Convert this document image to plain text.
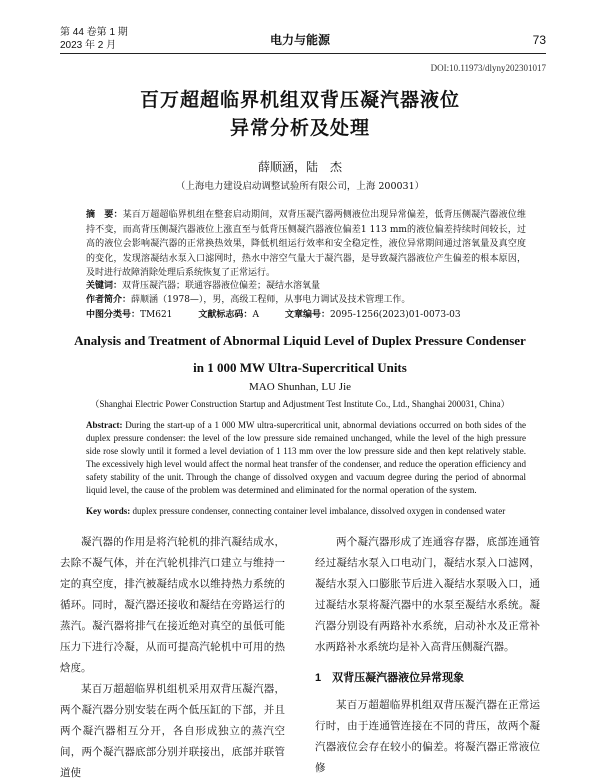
第 44 卷第 1 期
2023 年 2 月	电力与能源	73
DOI:10.11973/dlyny202301017
百万超超临界机组双背压凝汽器液位
异常分析及处理
薛顺涵，陆　杰
（上海电力建设启动调整试验所有限公司，上海 200031）
摘　要：某百万超超临界机组在整套启动期间，双背压凝汽器两侧液位出现异常偏差，低背压侧凝汽器液位维持不变，而高背压侧凝汽器液位上涨直至与低背压侧凝汽器液位偏差1 113 mm的液位偏差持续时间较长，过高的液位会影响凝汽器的正常换热效果，降低机组运行效率和安全稳定性，液位异常期间通过溶氧量及真空度的变化，发现溶凝结水泵入口滤网时，热水中溶空气量大于凝汽器，是导致凝汽器液位产生偏差的根本原因，及时进行故障消除处理后系统恢复了正常运行。
关键词：双背压凝汽器；联通容器液位偏差；凝结水溶氧量
作者简介：薛顺涵（1978—），男，高级工程师，从事电力调试及技术管理工作。
中图分类号：TM621	文献标志码：A	文章编号：2095-1256(2023)01-0073-03
Analysis and Treatment of Abnormal Liquid Level of Duplex Pressure Condenser
in 1 000 MW Ultra-Supercritical Units
MAO Shunhan, LU Jie
（Shanghai Electric Power Construction Startup and Adjustment Test Institute Co., Ltd., Shanghai 200031, China）
Abstract: During the start-up of a 1 000 MW ultra-supercritical unit, abnormal deviations occurred on both sides of the duplex pressure condenser: the level of the low pressure side remained unchanged, while the level of the high pressure side rose slowly until it formed a level deviation of 1 113 mm over the low pressure side and then kept relatively stable. The excessively high level would affect the normal heat transfer of the condenser, and reduce the operation efficiency and safety stability of the unit. Through the change of dissolved oxygen and vacuum degree during the period of abnormal liquid level, the cause of the problem was determined and eliminated for the normal operation of the system.
Key words: duplex pressure condenser, connecting container level imbalance, dissolved oxygen in condensed water

凝汽器的作用是将汽轮机的排汽凝结成水，去除不凝气体，并在汽轮机排汽口建立与维持一定的真空度，排汽被凝结成水以维持热力系统的循环。同时，凝汽器还接收和凝结在旁路运行的蒸汽。凝汽器将排气在接近绝对真空的虽低可能压力下进行冷凝，从而可提高汽轮机中可用的热焓度。

某百万超超临界机组机采用双背压凝汽器，两个凝汽器分别安装在两个低压缸的下部，并且两个凝汽器相互分开，各自形成独立的蒸汽空间，两个凝汽器底部分别并联接出，底部并联管道使

两个凝汽器形成了连通容存器，底部连通管经过凝结水泵入口电动门，凝结水泵入口滤网，凝结水泵入口膨胀节后进入凝结水泵吸入口，通过凝结水泵将凝汽器中的水泵至凝结水系统。凝汽器分别设有两路补水系统，启动补水及正常补水两路补水系统均是补入高背压侧凝汽器。

1　双背压凝汽器液位异常现象

某百万超超临界机组双背压凝汽器在正常运行时，由于连通管连接在不同的背压，故两个凝汽器液位会存在较小的偏差。将凝汽器正常液位修
